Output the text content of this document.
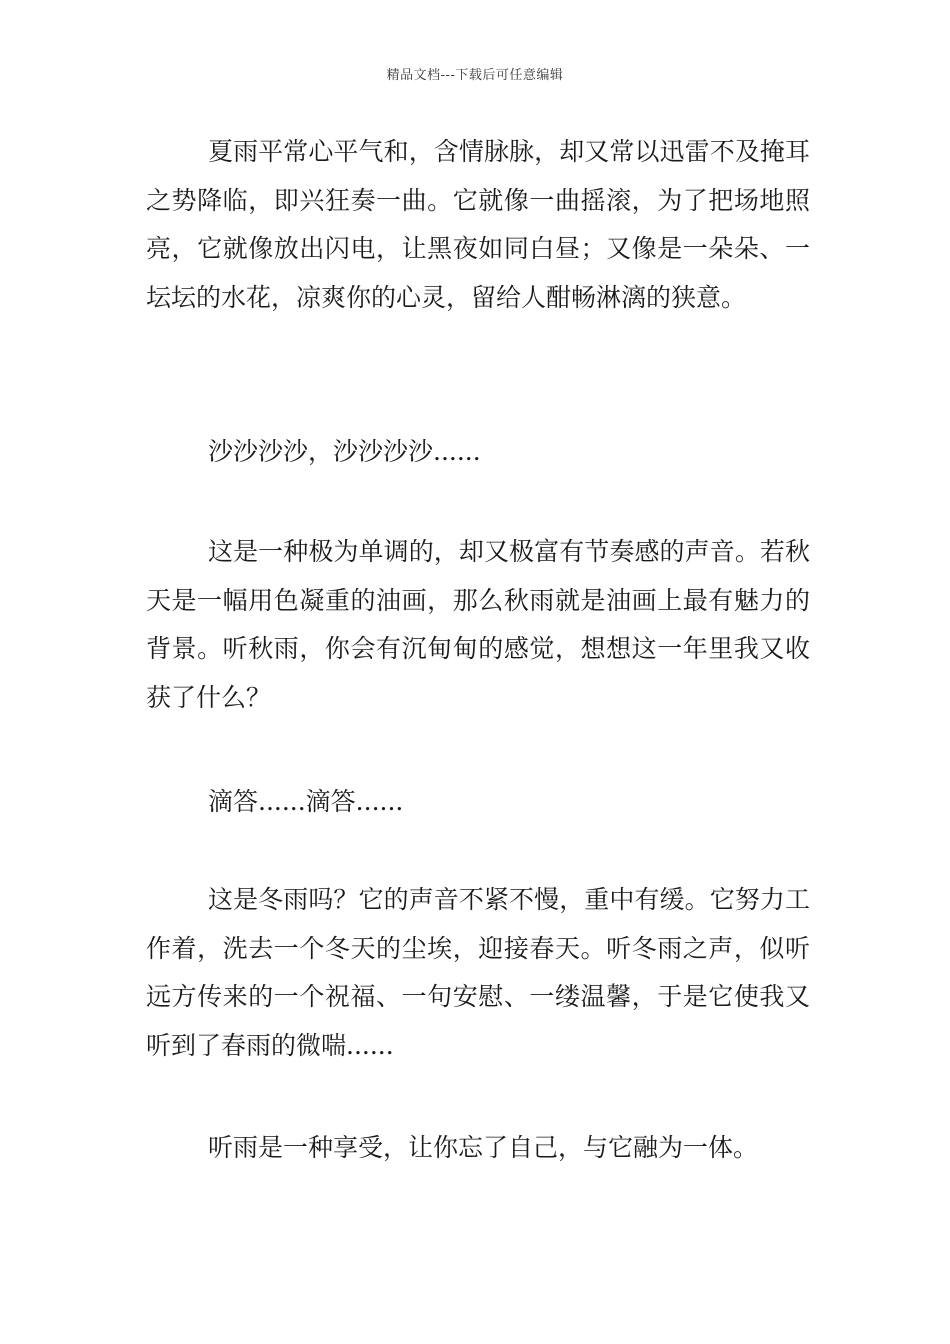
精品文档---下载后可任意编辑

夏雨平常心平气和，含情脉脉，却又常以迅雷不及掩耳之势降临，即兴狂奏一曲。它就像一曲摇滚，为了把场地照亮，它就像放出闪电，让黑夜如同白昼；又像是一朵朵、一坛坛的水花，凉爽你的心灵，留给人酣畅淋漓的狭意。

沙沙沙沙，沙沙沙沙......

这是一种极为单调的，却又极富有节奏感的声音。若秋天是一幅用色凝重的油画，那么秋雨就是油画上最有魅力的背景。听秋雨，你会有沉甸甸的感觉，想想这一年里我又收获了什么？

滴答......滴答......

这是冬雨吗？它的声音不紧不慢，重中有缓。它努力工作着，洗去一个冬天的尘埃，迎接春天。听冬雨之声，似听远方传来的一个祝福、一句安慰、一缕温馨，于是它使我又听到了春雨的微喘......

听雨是一种享受，让你忘了自己，与它融为一体。
